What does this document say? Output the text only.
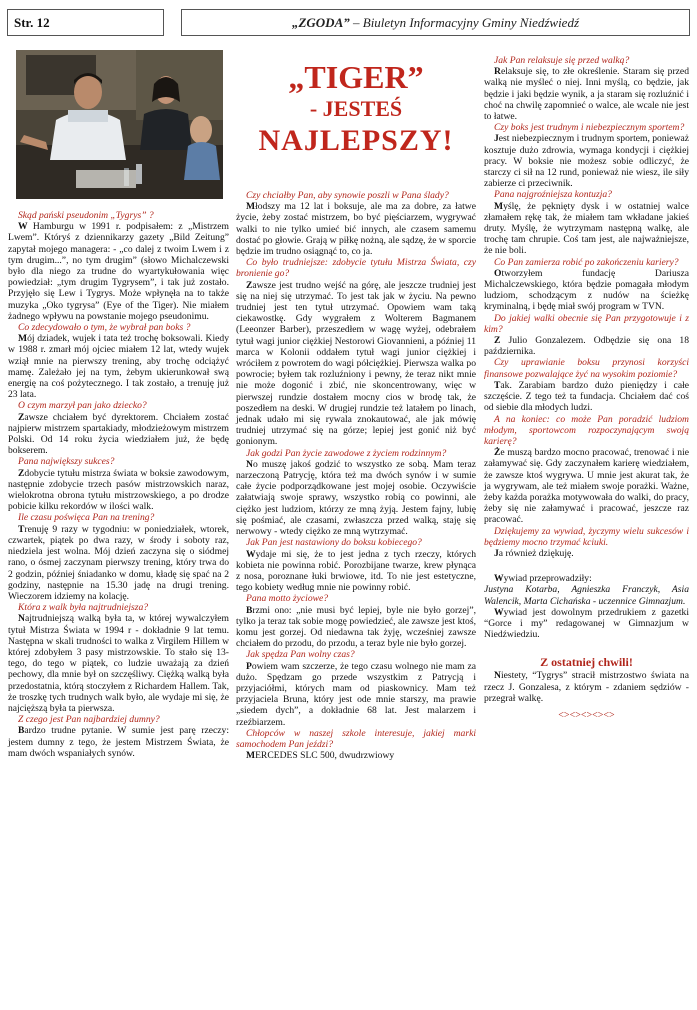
Str. 12	„ZGODA” – Biuletyn Informacyjny Gminy Niedźwiedź
„TIGER”
- JESTEŚ
NAJLEPSZY!

Skąd pański pseudonim „Tygrys” ?

W Hamburgu w 1991 r. podpisałem: z „Mistrzem Lwem”. Któryś z dziennikarzy gazety „Bild Zeitung” zapytał mojego managera: - „co dalej z twoim Lwem i z tym drugim...”, no tym drugim” (słowo Michalczewski było dla niego za trudne do wyartykułowania więc powiedział: „tym drugim Tygrysem”, i tak już zostało. Przyjęło się Lew i Tygrys. Może wpłynęła na to także muzyka „Oko tygrysa” (Eye of the Tiger). Nie miałem żadnego wpływu na powstanie mojego pseudonimu.

Co zdecydowało o tym, że wybrał pan boks ?

Mój dziadek, wujek i tata też trochę boksowali. Kiedy w 1988 r. zmarł mój ojciec miałem 12 lat, wtedy wujek wziął mnie na pierwszy trening, aby trochę odciążyć mamę. Zależało jej na tym, żebym ukierunkował swą energię na coś pożytecznego. I tak zostało, a trenuję już 23 lata.

O czym marzył pan jako dziecko?

Zawsze chciałem być dyrektorem. Chciałem zostać najpierw mistrzem spartakiady, młodzieżowym mistrzem Polski. Od 14 roku życia wiedziałem już, że będę bokserem.

Pana największy sukces?

Zdobycie tytułu mistrza świata w boksie zawodowym, następnie zdobycie trzech pasów mistrzowskich naraz, wielokrotna obrona tytułu mistrzowskiego, a po drodze pobicie kilku rekordów w ilości walk.

Ile czasu poświęca Pan na trening?

Trenuję 9 razy w tygodniu: w poniedziałek, wtorek, czwartek, piątek po dwa razy, w środy i soboty raz, niedziela jest wolna. Mój dzień zaczyna się o siódmej rano, o ósmej zaczynam pierwszy trening, który trwa do 2 godzin, później śniadanko w domu, kładę się spać na 2 godziny, następnie na 15.30 jadę na drugi trening. Wieczorem idziemy na kolację.

Która z walk była najtrudniejsza?

Najtrudniejszą walką była ta, w której wywalczyłem tytuł Mistrza Świata w 1994 r - dokładnie 9 lat temu. Następna w skali trudności to walka z Virgilem Hillem w której zdobyłem 3 pasy mistrzowskie. To stało się 13-tego, do tego w piątek, co ludzie uważają za dzień pechowy, dla mnie był on szczęśliwy. Ciężką walką była przedostatnia, którą stoczyłem z Richardem Hallem. Tak, że troszkę tych trudnych walk było, ale wydaje mi się, że najcięższą była ta pierwsza.

Z czego jest Pan najbardziej dumny?

Bardzo trudne pytanie. W sumie jest parę rzeczy: jestem dumny z tego, że jestem Mistrzem Świata, że mam dwóch wspaniałych synów.

Czy chciałby Pan, aby synowie poszli w Pana ślady?

Młodszy ma 12 lat i boksuje, ale ma za dobre, za łatwe życie, żeby zostać mistrzem, bo być pięściarzem, wygrywać walki to nie tylko umieć bić innych, ale czasem samemu dostać po głowie. Grają w piłkę nożną, ale sądzę, że w sporcie będzie im trudno osiągnąć to, co ja.

Co było trudniejsze: zdobycie tytułu Mistrza Świata, czy bronienie go?

Zawsze jest trudno wejść na górę, ale jeszcze trudniej jest się na niej się utrzymać. To jest tak jak w życiu. Na pewno trudniej jest ten tytuł utrzymać. Opowiem wam taką ciekawostkę. Gdy wygrałem z Wolterem Bagmanem (Leeonzer Barber), przeszedłem w wagę wyżej, odebrałem tytuł wagi junior ciężkiej Nestorowi Giovannieni, a później 11 marca w Kolonii oddałem tytuł wagi junior ciężkiej i wróciłem z powrotem do wagi półciężkiej. Pierwsza walka po powrocie; byłem tak rozluźniony i pewny, że teraz nikt mnie nie może dogonić i zbić, nie skoncentrowany, więc w pierwszej rundzie dostałem mocny cios w brodę tak, że poszedłem na deski. W drugiej rundzie też latałem po linach, jednak udało mi się rywala znokautować, ale jak mówię trudniej utrzymać się na górze; lepiej jest gonić niż być gonionym.

Jak godzi Pan życie zawodowe z życiem rodzinnym?

No muszę jakoś godzić to wszystko ze sobą. Mam teraz narzeczoną Patrycję, która też ma dwóch synów i w sumie całe życie podporządkowane jest mojej osobie. Oczywiście załatwiają swoje sprawy, wszystko robią co powinni, ale ciężko jest ludziom, którzy ze mną żyją. Jestem fajny, lubię się pośmiać, ale czasami, zwłaszcza przed walką, staję się nerwowy - wtedy ciężko ze mną wytrzymać.

Jak Pan jest nastawiony do boksu kobiecego?

Wydaje mi się, że to jest jedna z tych rzeczy, których kobieta nie powinna robić. Porozbijane twarze, krew płynąca z nosa, poroznane łuki brwiowe, itd. To nie jest estetyczne, tego kobiety według mnie nie powinny robić.

Pana motto życiowe?

Brzmi ono: „nie musi być lepiej, byle nie było gorzej”, tylko ja teraz tak sobie mogę powiedzieć, ale zawsze jest ktoś, komu jest gorzej. Od niedawna tak żyję, wcześniej zawsze chciałem do przodu, do przodu, a teraz byle nie było gorzej.

Jak spędza Pan wolny czas?

Powiem wam szczerze, że tego czasu wolnego nie mam za dużo. Spędzam go przede wszystkim z Patrycją i przyjaciółmi, których mam od piaskownicy. Mam też przyjaciela Bruna, który jest ode mnie starszy, ma prawie „siedem dych”, a dokładnie 68 lat. Jest malarzem i rzeźbiarzem.

Chłopców w naszej szkole interesuje, jakiej marki samochodem Pan jeździ?

MERCEDES SLC 500, dwudrzwiowy

Jak Pan relaksuje się przed walką?

Relaksuje się, to złe określenie. Staram się przed walką nie myśleć o niej. Inni myślą, co będzie, jak będzie i jaki będzie wynik, a ja staram się rozluźnić i choć na chwilę zapomnieć o walce, ale wcale nie jest to łatwe.

Czy boks jest trudnym i niebezpiecznym sportem?

Jest niebezpiecznym i trudnym sportem, ponieważ kosztuje dużo zdrowia, wymaga kondycji i ciężkiej pracy. W boksie nie możesz sobie odliczyć, że starczy ci sił na 12 rund, ponieważ nie wiesz, ile siły zabierze ci przeciwnik.

Pana najgroźniejsza kontuzja?

Myślę, że pęknięty dysk i w ostatniej walce złamałem rękę tak, że miałem tam wkładane jakieś druty. Myślę, że wytrzymam następną walkę, ale trochę tam chrupie. Coś tam jest, ale najważniejsze, że nie boli.

Co Pan zamierza robić po zakończeniu kariery?

Otworzyłem fundację Dariusza Michalczewskiego, która będzie pomagała młodym ludziom, schodzącym z nudów na ścieżkę kryminalną, i będę miał swój program w TVN.

Do jakiej walki obecnie się Pan przygotowuje i z kim?

Z Julio Gonzalezem. Odbędzie się ona 18 października.

Czy uprawianie boksu przynosi korzyści finansowe pozwalające żyć na wysokim poziomie?

Tak. Zarabiam bardzo dużo pieniędzy i całe szczęście. Z tego też ta fundacja. Chciałem dać coś od siebie dla młodych ludzi.

A na koniec: co może Pan poradzić ludziom młodym, sportowcom rozpoczynającym swoją karierę?

Że muszą bardzo mocno pracować, trenować i nie załamywać się. Gdy zaczynałem karierę wiedziałem, że zawsze ktoś wygrywa. U mnie jest akurat tak, że ja wygrywam, ale też miałem swoje porażki. Ważne, żeby każda porażka motywowała do walki, do pracy, żeby się nie załamywać i pracować, jeszcze raz pracować.

Dziękujemy za wywiad, życzymy wielu sukcesów i będziemy mocno trzymać kciuki.

Ja również dziękuję.

Wywiad przeprowadziły:

Justyna Kotarba, Agnieszka Franczyk, Asia Walencik, Marta Cichańska - uczennice Gimnazjum.

Wywiad jest dowolnym przedrukiem z gazetki “Gorce i my” redagowanej w Gimnazjum w Niedźwiedziu.

Z ostatniej chwili!

Niestety, “Tygrys” stracił mistrzostwo świata na rzecz J. Gonzalesa, z którym - zdaniem sędziów - przegrał walkę.

<><><><><>
